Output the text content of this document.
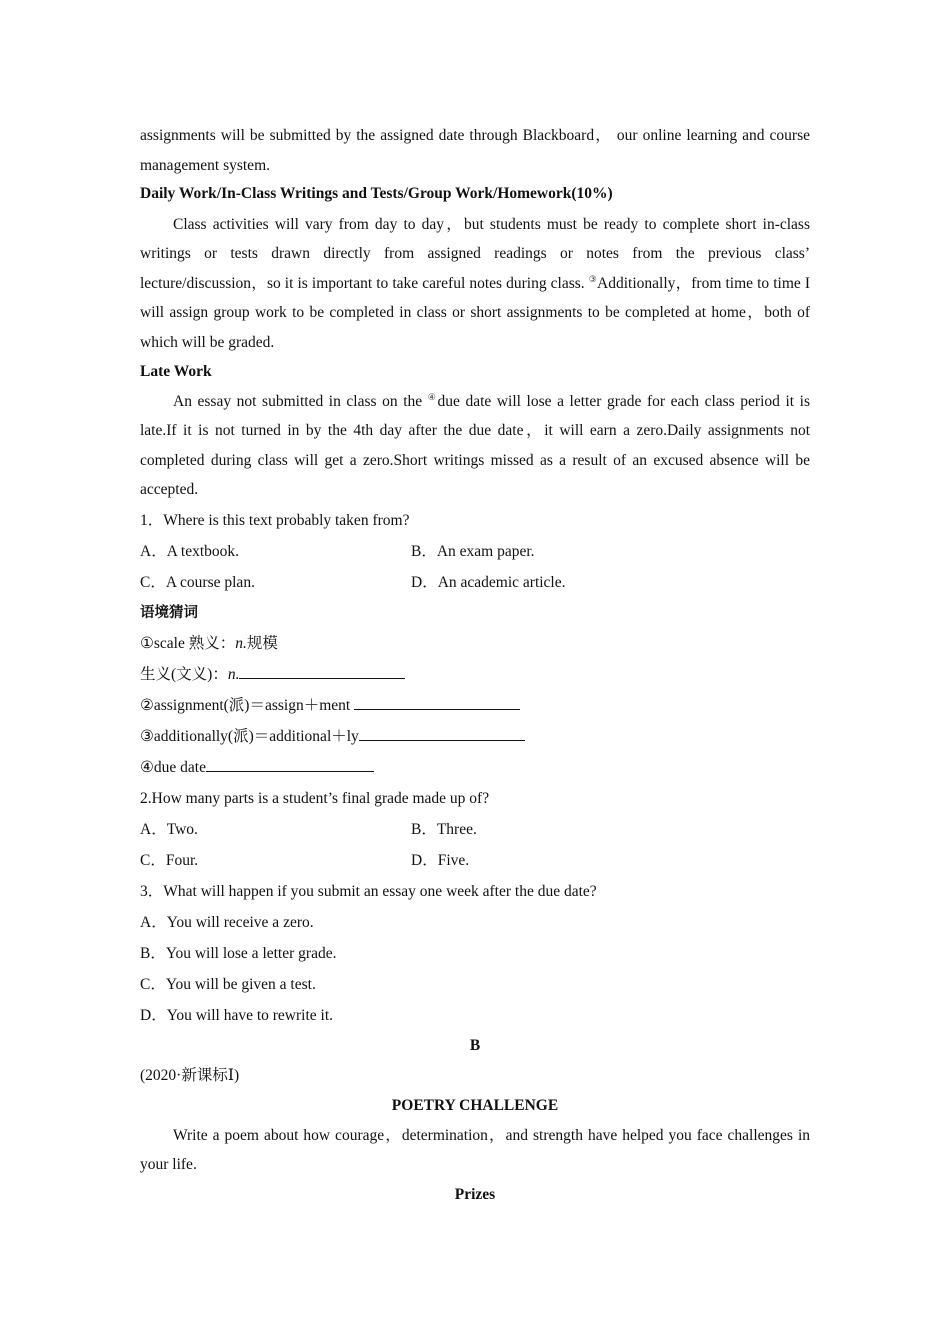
assignments will be submitted by the assigned date through Blackboard， our online learning and course management system.

Daily Work/In-Class Writings and Tests/Group Work/Homework(10%)

Class activities will vary from day to day，but students must be ready to complete short in-class writings or tests drawn directly from assigned readings or notes from the previous class’ lecture/discussion，so it is important to take careful notes during class. ③Additionally，from time to time I will assign group work to be completed in class or short assignments to be completed at home，both of which will be graded.

Late Work

An essay not submitted in class on the ④due date will lose a letter grade for each class period it is late.If it is not turned in by the 4th day after the due date，it will earn a zero.Daily assignments not completed during class will get a zero.Short writings missed as a result of an excused absence will be accepted.

1．Where is this text probably taken from?

A．A textbook.	B．An exam paper.
C．A course plan.	D．An academic article.

语境猜词

①scale 熟义：n.规模

生义(文义)：n.

②assignment(派)＝assign＋ment

③additionally(派)＝additional＋ly

④due date

2.How many parts is a student’s final grade made up of?

A．Two.	B．Three.
C．Four.	D．Five.

3．What will happen if you submit an essay one week after the due date?

A．You will receive a zero.

B．You will lose a letter grade.

C．You will be given a test.

D．You will have to rewrite it.

B

(2020·新课标Ⅰ)

POETRY CHALLENGE

Write a poem about how courage，determination，and strength have helped you face challenges in your life.

Prizes
